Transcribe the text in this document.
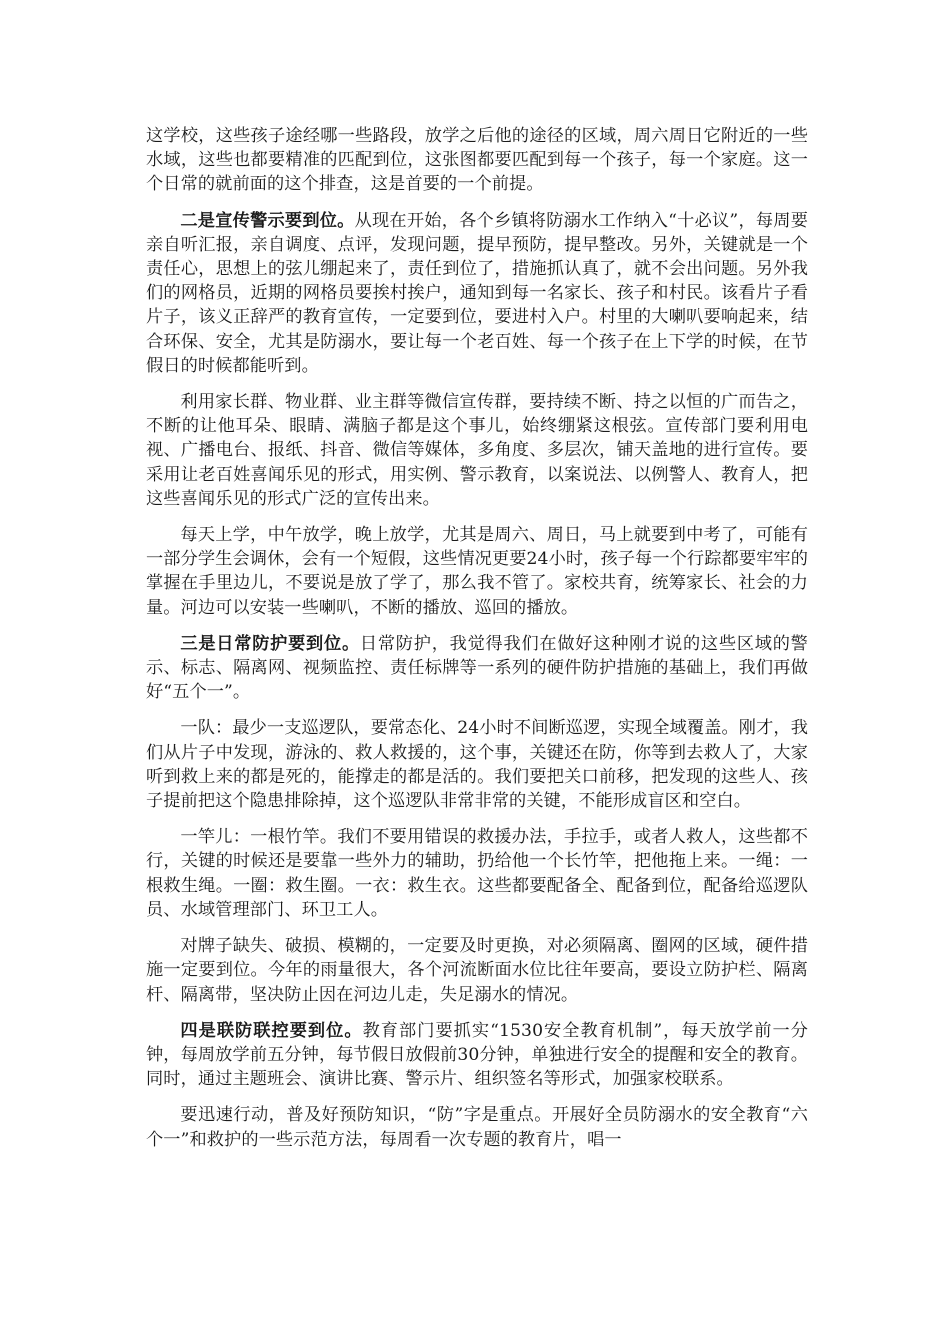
这学校，这些孩子途经哪一些路段，放学之后他的途径的区域，周六周日它附近的一些水域，这些也都要精准的匹配到位，这张图都要匹配到每一个孩子，每一个家庭。这一个日常的就前面的这个排查，这是首要的一个前提。

二是宣传警示要到位。从现在开始，各个乡镇将防溺水工作纳入“十必议”，每周要亲自听汇报，亲自调度、点评，发现问题，提早预防，提早整改。另外，关键就是一个责任心，思想上的弦儿绷起来了，责任到位了，措施抓认真了，就不会出问题。另外我们的网格员，近期的网格员要挨村挨户，通知到每一名家长、孩子和村民。该看片子看片子，该义正辞严的教育宣传，一定要到位，要进村入户。村里的大喇叭要响起来，结合环保、安全，尤其是防溺水，要让每一个老百姓、每一个孩子在上下学的时候，在节假日的时候都能听到。

利用家长群、物业群、业主群等微信宣传群，要持续不断、持之以恒的广而告之，不断的让他耳朵、眼睛、满脑子都是这个事儿，始终绷紧这根弦。宣传部门要利用电视、广播电台、报纸、抖音、微信等媒体，多角度、多层次，铺天盖地的进行宣传。要采用让老百姓喜闻乐见的形式，用实例、警示教育，以案说法、以例警人、教育人，把这些喜闻乐见的形式广泛的宣传出来。

每天上学，中午放学，晚上放学，尤其是周六、周日，马上就要到中考了，可能有一部分学生会调休，会有一个短假，这些情况更要24小时，孩子每一个行踪都要牢牢的掌握在手里边儿，不要说是放了学了，那么我不管了。家校共育，统筹家长、社会的力量。河边可以安装一些喇叭，不断的播放、巡回的播放。

三是日常防护要到位。日常防护，我觉得我们在做好这种刚才说的这些区域的警示、标志、隔离网、视频监控、责任标牌等一系列的硬件防护措施的基础上，我们再做好“五个一”。

一队：最少一支巡逻队，要常态化、24小时不间断巡逻，实现全域覆盖。刚才，我们从片子中发现，游泳的、救人救援的，这个事，关键还在防，你等到去救人了，大家听到救上来的都是死的，能撑走的都是活的。我们要把关口前移，把发现的这些人、孩子提前把这个隐患排除掉，这个巡逻队非常非常的关键，不能形成盲区和空白。

一竿儿：一根竹竿。我们不要用错误的救援办法，手拉手，或者人救人，这些都不行，关键的时候还是要靠一些外力的辅助，扔给他一个长竹竿，把他拖上来。一绳：一根救生绳。一圈：救生圈。一衣：救生衣。这些都要配备全、配备到位，配备给巡逻队员、水域管理部门、环卫工人。

对牌子缺失、破损、模糊的，一定要及时更换，对必须隔离、圈网的区域，硬件措施一定要到位。今年的雨量很大，各个河流断面水位比往年要高，要设立防护栏、隔离杆、隔离带，坚决防止因在河边儿走，失足溺水的情况。

四是联防联控要到位。教育部门要抓实“1530安全教育机制”，每天放学前一分钟，每周放学前五分钟，每节假日放假前30分钟，单独进行安全的提醒和安全的教育。同时，通过主题班会、演讲比赛、警示片、组织签名等形式，加强家校联系。

要迅速行动，普及好预防知识，“防”字是重点。开展好全员防溺水的安全教育“六个一”和救护的一些示范方法，每周看一次专题的教育片，唱一
